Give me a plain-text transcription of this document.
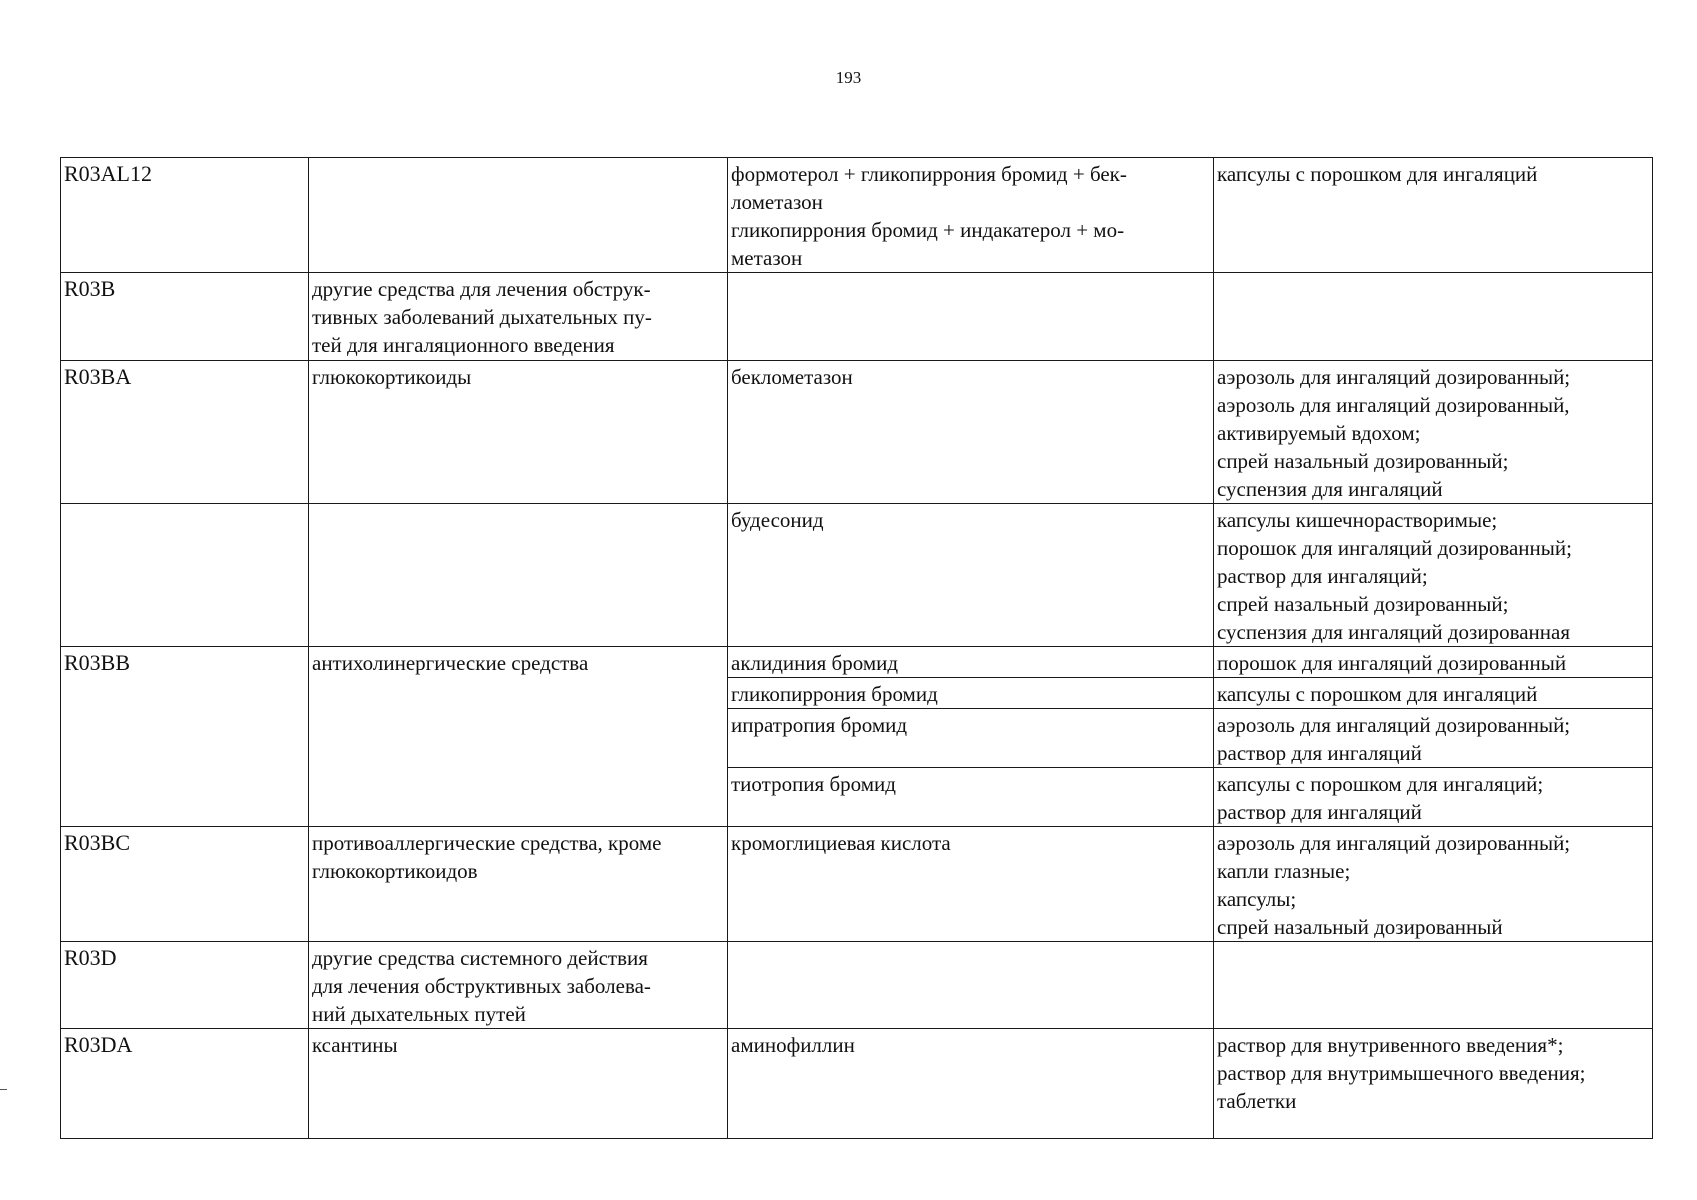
193
R03AL12		формотерол + гликопиррония бромид + бек-
лометазон
гликопиррония бромид + индакатерол + мо-
метазон	капсулы с порошком для ингаляций

R03B	другие средства для лечения обструк-
тивных заболеваний дыхательных пу-
тей для ингаляционного введения		

R03BA	глюкокортикоиды	беклометазон	аэрозоль для ингаляций дозированный;
аэрозоль для ингаляций дозированный,
активируемый вдохом;
спрей назальный дозированный;
суспензия для ингаляций

		будесонид	капсулы кишечнорастворимые;
порошок для ингаляций дозированный;
раствор для ингаляций;
спрей назальный дозированный;
суспензия для ингаляций дозированная

R03BB	антихолинергические средства	аклидиния бромид	порошок для ингаляций дозированный

		гликопиррония бромид	капсулы с порошком для ингаляций

		ипратропия бромид	аэрозоль для ингаляций дозированный;
раствор для ингаляций

		тиотропия бромид	капсулы с порошком для ингаляций;
раствор для ингаляций

R03BC	противоаллергические средства, кроме
глюкокортикоидов	кромоглициевая кислота	аэрозоль для ингаляций дозированный;
капли глазные;
капсулы;
спрей назальный дозированный

R03D	другие средства системного действия
для лечения обструктивных заболева-
ний дыхательных путей		

R03DA	ксантины	аминофиллин	раствор для внутривенного введения*;
раствор для внутримышечного введения;
таблетки
